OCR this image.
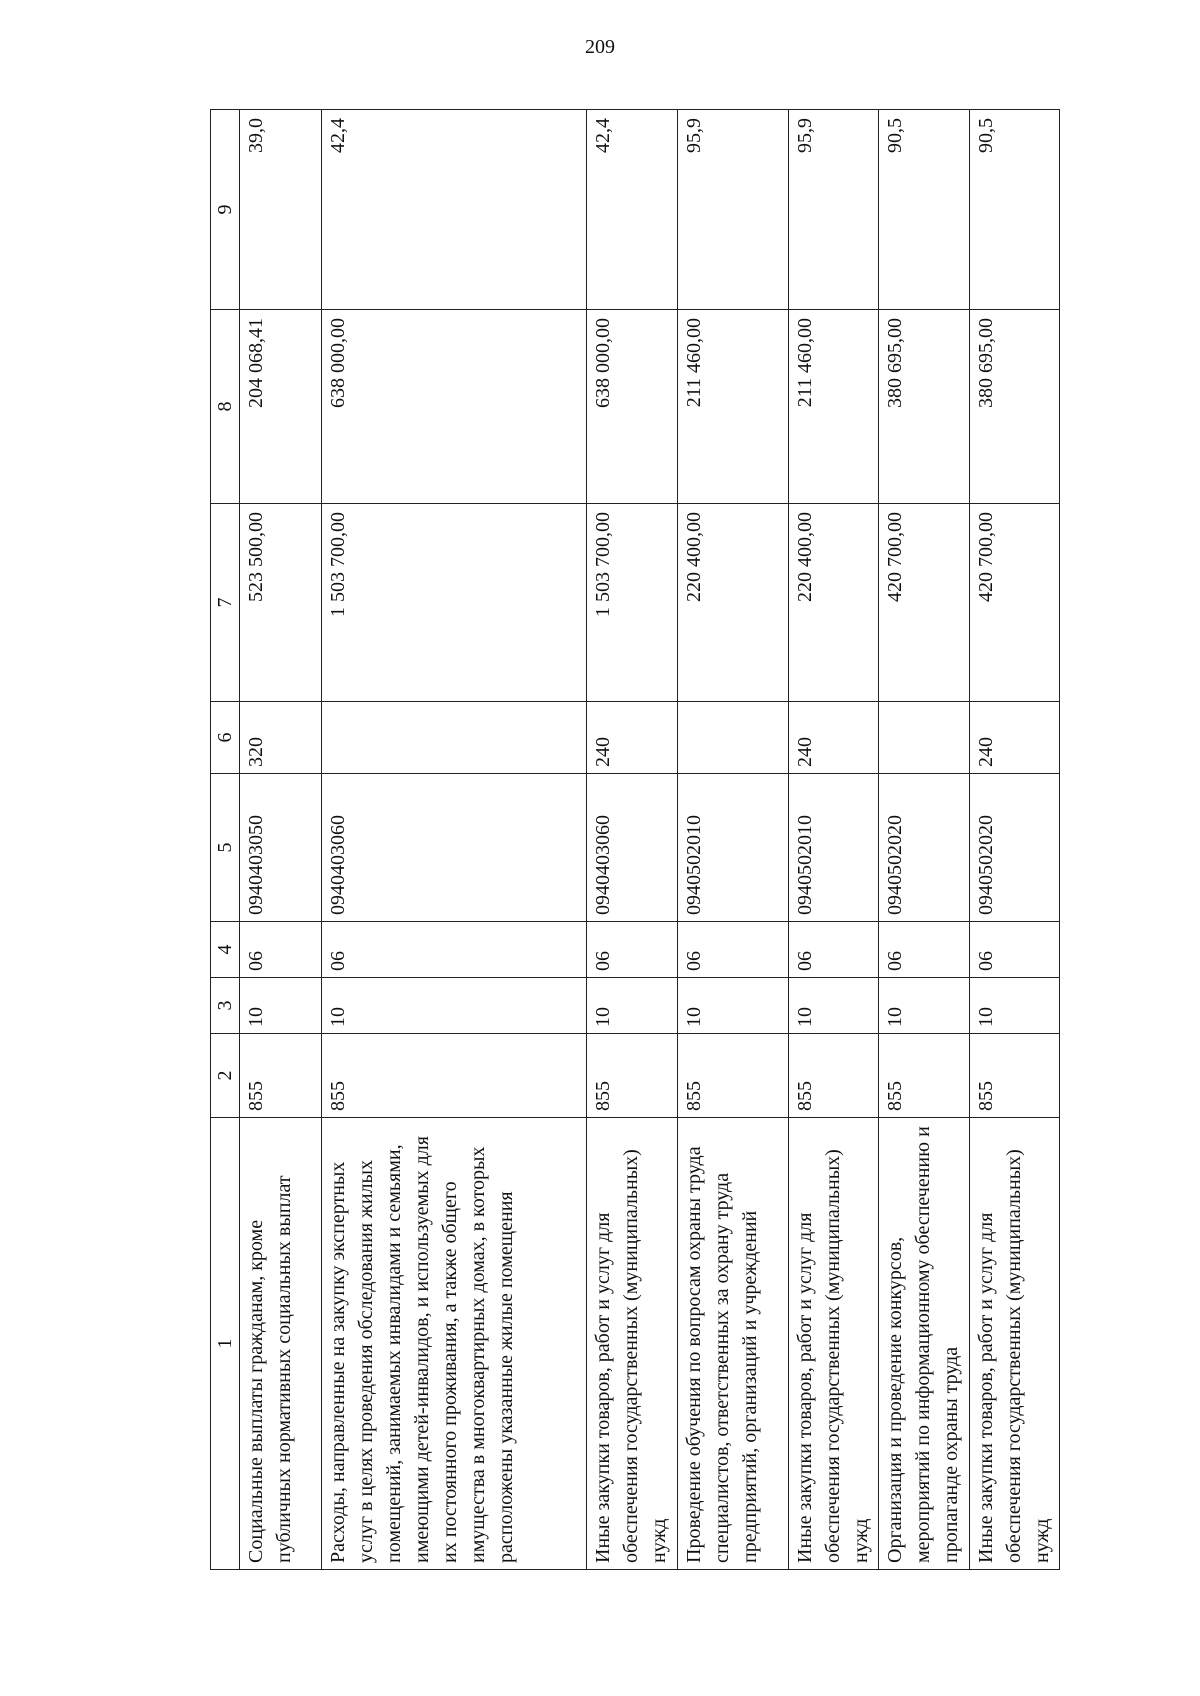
209
1	2	3	4	5	6	7	8	9
Социальные выплаты гражданам, кроме публичных нормативных социальных выплат	855	10	06	0940403050	320	523 500,00	204 068,41	39,0
Расходы, направленные на закупку экспертных услуг в целях проведения обследования жилых помещений, занимаемых инвалидами и семьями, имеющими детей-инвалидов, и используемых для их постоянного проживания, а также общего имущества в многоквартирных домах, в которых расположены указанные жилые помещения	855	10	06	0940403060		1 503 700,00	638 000,00	42,4
Иные закупки товаров, работ и услуг для обеспечения государственных (муниципальных) нужд	855	10	06	0940403060	240	1 503 700,00	638 000,00	42,4
Проведение обучения по вопросам охраны труда специалистов, ответственных за охрану труда предприятий, организаций и учреждений	855	10	06	0940502010		220 400,00	211 460,00	95,9
Иные закупки товаров, работ и услуг для обеспечения государственных (муниципальных) нужд	855	10	06	0940502010	240	220 400,00	211 460,00	95,9
Организация и проведение конкурсов, мероприятий по информационному обеспечению и пропаганде охраны труда	855	10	06	0940502020		420 700,00	380 695,00	90,5
Иные закупки товаров, работ и услуг для обеспечения государственных (муниципальных) нужд	855	10	06	0940502020	240	420 700,00	380 695,00	90,5
